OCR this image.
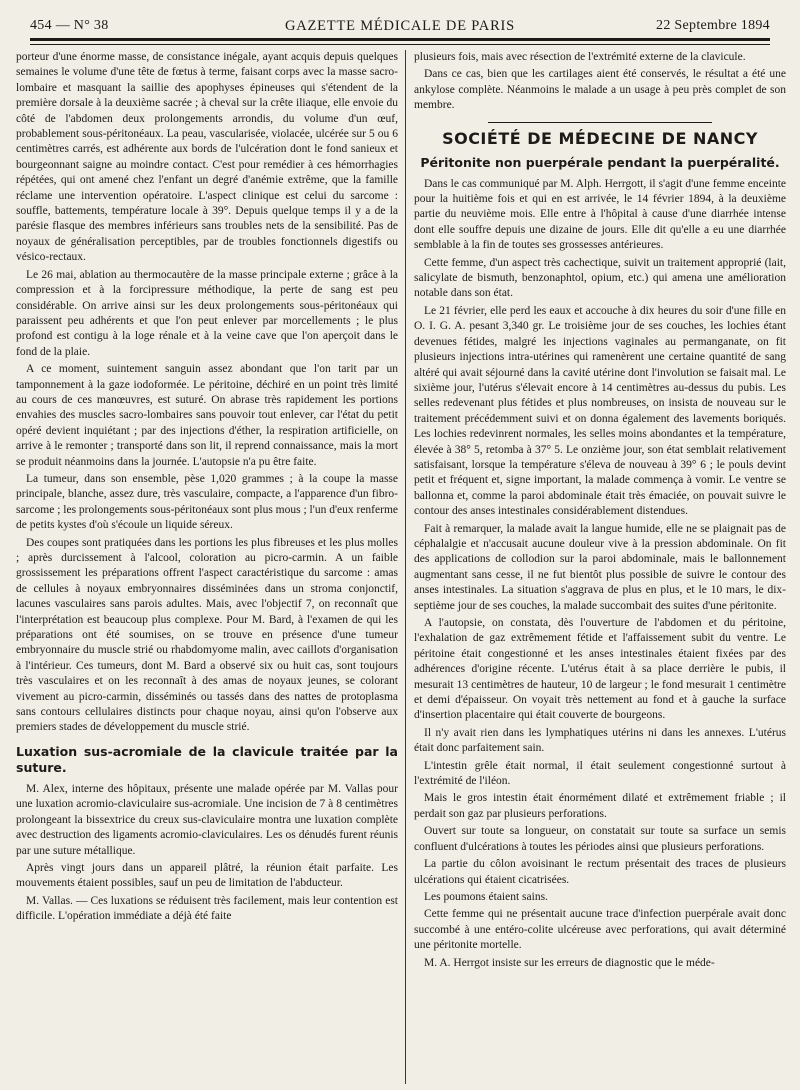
454 — N° 38	GAZETTE MÉDICALE DE PARIS	22 Septembre 1894

porteur d'une énorme masse, de consistance inégale, ayant acquis depuis quelques semaines le volume d'une tête de fœtus à terme, faisant corps avec la masse sacro-lombaire et masquant la saillie des apophyses épineuses qui s'étendent de la première dorsale à la deuxième sacrée ; à cheval sur la crête iliaque, elle envoie du côté de l'abdomen deux prolongements arrondis, du volume d'un œuf, probablement sous-péritonéaux. La peau, vascularisée, violacée, ulcérée sur 5 ou 6 centimètres carrés, est adhérente aux bords de l'ulcération dont le fond sanieux et bourgeonnant saigne au moindre contact. C'est pour remédier à ces hémorrhagies répétées, qui ont amené chez l'enfant un degré d'anémie extrême, que la famille réclame une intervention opératoire. L'aspect clinique est celui du sarcome : souffle, battements, température locale à 39°. Depuis quelque temps il y a de la parésie flasque des membres inférieurs sans troubles nets de la sensibilité. Pas de noyaux de généralisation perceptibles, par de troubles fonctionnels digestifs ou vésico-rectaux.

Le 26 mai, ablation au thermocautère de la masse principale externe ; grâce à la compression et à la forcipressure méthodique, la perte de sang est peu considérable. On arrive ainsi sur les deux prolongements sous-péritonéaux qui paraissent peu adhérents et que l'on peut enlever par morcellements ; le plus profond est contigu à la loge rénale et à la veine cave que l'on aperçoit dans le fond de la plaie.

A ce moment, suintement sanguin assez abondant que l'on tarit par un tamponnement à la gaze iodoformée. Le péritoine, déchiré en un point très limité au cours de ces manœuvres, est suturé. On abrase très rapidement les portions envahies des muscles sacro-lombaires sans pouvoir tout enlever, car l'état du petit opéré devient inquiétant ; par des injections d'éther, la respiration artificielle, on arrive à le remonter ; transporté dans son lit, il reprend connaissance, mais la mort se produit néanmoins dans la journée. L'autopsie n'a pu être faite.

La tumeur, dans son ensemble, pèse 1,020 grammes ; à la coupe la masse principale, blanche, assez dure, très vasculaire, compacte, a l'apparence d'un fibro-sarcome ; les prolongements sous-péritonéaux sont plus mous ; l'un d'eux renferme de petits kystes d'où s'écoule un liquide séreux.

Des coupes sont pratiquées dans les portions les plus fibreuses et les plus molles ; après durcissement à l'alcool, coloration au picro-carmin. A un faible grossissement les préparations offrent l'aspect caractéristique du sarcome : amas de cellules à noyaux embryonnaires disséminées dans un stroma conjonctif, lacunes vasculaires sans parois adultes. Mais, avec l'objectif 7, on reconnaît que l'interprétation est beaucoup plus complexe. Pour M. Bard, à l'examen de qui les préparations ont été soumises, on se trouve en présence d'une tumeur embryonnaire du muscle strié ou rhabdomyome malin, avec caillots d'organisation à l'intérieur. Ces tumeurs, dont M. Bard a observé six ou huit cas, sont toujours très vasculaires et on les reconnaît à des amas de noyaux jeunes, se colorant vivement au picro-carmin, disséminés ou tassés dans des nattes de protoplasma sans contours cellulaires distincts pour chaque noyau, ainsi qu'on l'observe aux premiers stades de développement du muscle strié.

Luxation sus-acromiale de la clavicule traitée par la suture.

M. Alex, interne des hôpitaux, présente une malade opérée par M. Vallas pour une luxation acromio-claviculaire sus-acromiale. Une incision de 7 à 8 centimètres prolongeant la bissextrice du creux sus-claviculaire montra une luxation complète avec destruction des ligaments acromio-claviculaires. Les os dénudés furent réunis par une suture métallique.

Après vingt jours dans un appareil plâtré, la réunion était parfaite. Les mouvements étaient possibles, sauf un peu de limitation de l'abducteur.

M. Vallas. — Ces luxations se réduisent très facilement, mais leur contention est difficile. L'opération immédiate a déjà été faite

plusieurs fois, mais avec résection de l'extrémité externe de la clavicule.

Dans ce cas, bien que les cartilages aient été conservés, le résultat a été une ankylose complète. Néanmoins le malade a un usage à peu près complet de son membre.

SOCIÉTÉ DE MÉDECINE DE NANCY
Péritonite non puerpérale pendant la puerpéralité.

Dans le cas communiqué par M. Alph. Herrgott, il s'agit d'une femme enceinte pour la huitième fois et qui en est arrivée, le 14 février 1894, à la deuxième partie du neuvième mois. Elle entre à l'hôpital à cause d'une diarrhée intense dont elle souffre depuis une dizaine de jours. Elle dit qu'elle a eu une diarrhée semblable à la fin de toutes ses grossesses antérieures.

Cette femme, d'un aspect très cachectique, suivit un traitement approprié (lait, salicylate de bismuth, benzonaphtol, opium, etc.) qui amena une amélioration notable dans son état.

Le 21 février, elle perd les eaux et accouche à dix heures du soir d'une fille en O. I. G. A. pesant 3,340 gr. Le troisième jour de ses couches, les lochies étant devenues fétides, malgré les injections vaginales au permanganate, on fit plusieurs injections intra-utérines qui ramenèrent une certaine quantité de sang altéré qui avait séjourné dans la cavité utérine dont l'involution se faisait mal. Le sixième jour, l'utérus s'élevait encore à 14 centimètres au-dessus du pubis. Les selles redevenant plus fétides et plus nombreuses, on insista de nouveau sur le traitement précédemment suivi et on donna également des lavements boriqués. Les lochies redevinrent normales, les selles moins abondantes et la température, élevée à 38° 5, retomba à 37° 5. Le onzième jour, son état semblait relativement satisfaisant, lorsque la température s'éleva de nouveau à 39° 6 ; le pouls devint petit et fréquent et, signe important, la malade commença à vomir. Le ventre se ballonna et, comme la paroi abdominale était très émaciée, on pouvait suivre le contour des anses intestinales considérablement distendues.

Fait à remarquer, la malade avait la langue humide, elle ne se plaignait pas de céphalalgie et n'accusait aucune douleur vive à la pression abdominale. On fit des applications de collodion sur la paroi abdominale, mais le ballonnement augmentant sans cesse, il ne fut bientôt plus possible de suivre le contour des anses intestinales. La situation s'aggrava de plus en plus, et le 10 mars, le dix-septième jour de ses couches, la malade succombait des suites d'une péritonite.

A l'autopsie, on constata, dès l'ouverture de l'abdomen et du péritoine, l'exhalation de gaz extrêmement fétide et l'affaissement subit du ventre. Le péritoine était congestionné et les anses intestinales étaient fixées par des adhérences d'origine récente. L'utérus était à sa place derrière le pubis, il mesurait 13 centimètres de hauteur, 10 de largeur ; le fond mesurait 1 centimètre et demi d'épaisseur. On voyait très nettement au fond et à gauche la surface d'insertion placentaire qui était couverte de bourgeons.

Il n'y avait rien dans les lymphatiques utérins ni dans les annexes. L'utérus était donc parfaitement sain.

L'intestin grêle était normal, il était seulement congestionné surtout à l'extrémité de l'iléon.

Mais le gros intestin était énormément dilaté et extrêmement friable ; il perdait son gaz par plusieurs perforations.

Ouvert sur toute sa longueur, on constatait sur toute sa surface un semis confluent d'ulcérations à toutes les périodes ainsi que plusieurs perforations.

La partie du côlon avoisinant le rectum présentait des traces de plusieurs ulcérations qui étaient cicatrisées.

Les poumons étaient sains.

Cette femme qui ne présentait aucune trace d'infection puerpérale avait donc succombé à une entéro-colite ulcéreuse avec perforations, qui avait déterminé une péritonite mortelle.

M. A. Herrgot insiste sur les erreurs de diagnostic que le méde-
